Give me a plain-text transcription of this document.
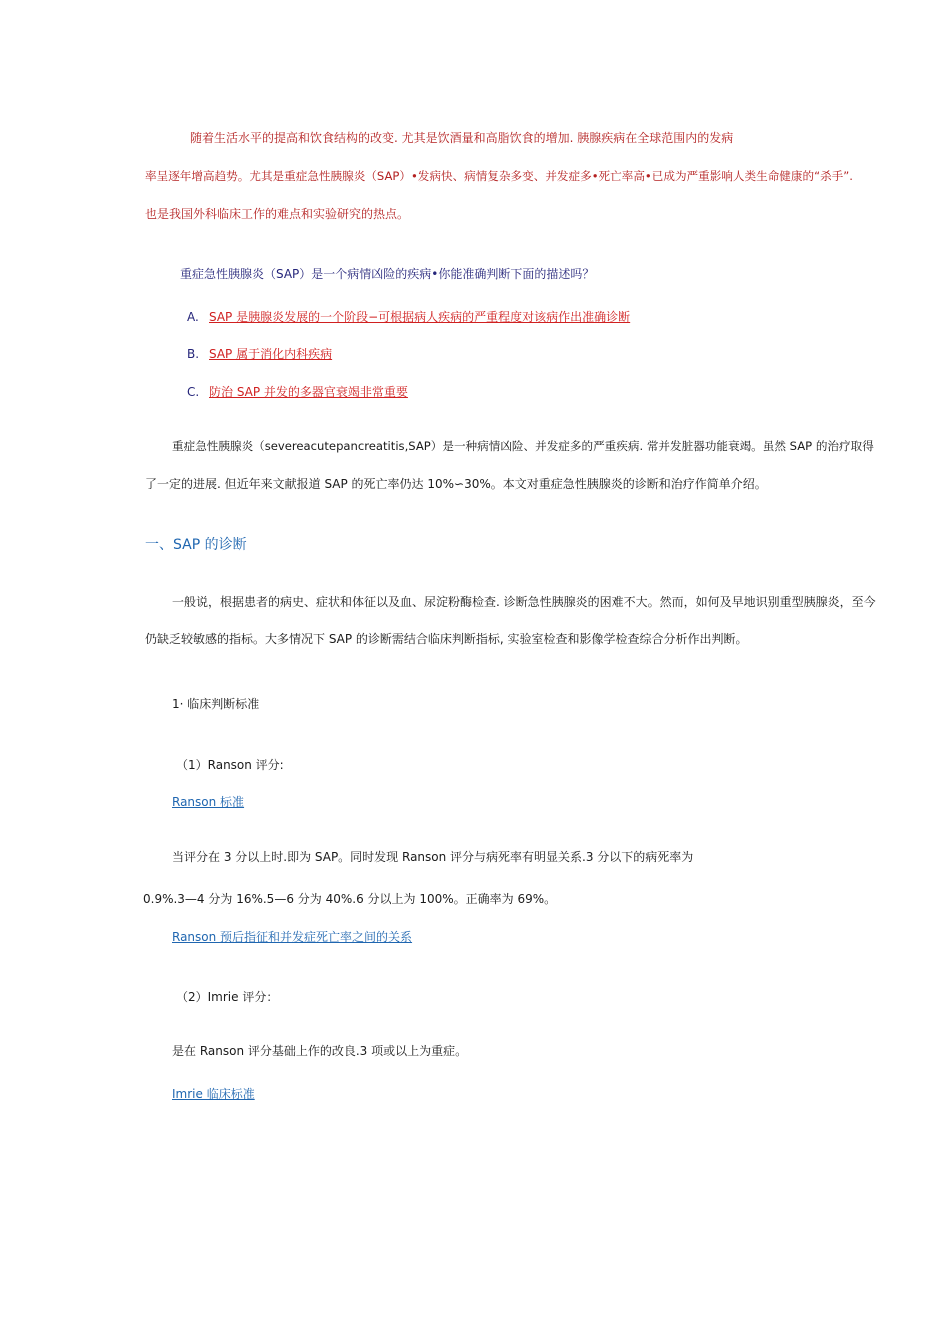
随着生活水平的提高和饮食结构的改变. 尤其是饮酒量和高脂饮食的增加. 胰腺疾病在全球范围内的发病
率呈逐年增高趋势。尤其是重症急性胰腺炎（SAP）•发病快、病情复杂多变、并发症多•死亡率高•已成为严重影响人类生命健康的“杀手”.
也是我国外科临床工作的难点和实验研究的热点。
重症急性胰腺炎（SAP）是一个病情凶险的疾病•你能准确判断下面的描述吗？
A. SAP 是胰腺炎发展的一个阶段−可根据病人疾病的严重程度对该病作出准确诊断
B. SAP 属于消化内科疾病
C. 防治 SAP 并发的多器官衰竭非常重要
重症急性胰腺炎（severeacutepancreatitis,SAP）是一种病情凶险、并发症多的严重疾病. 常并发脏器功能衰竭。虽然 SAP 的治疗取得
了一定的进展. 但近年来文献报道 SAP 的死亡率仍达 10%∽30%。本文对重症急性胰腺炎的诊断和治疗作简单介绍。
一、SAP 的诊断
一般说，根据患者的病史、症状和体征以及血、尿淀粉酶检查. 诊断急性胰腺炎的困难不大。然而，如何及早地识别重型胰腺炎，至今
仍缺乏较敏感的指标。大多情况下 SAP 的诊断需结合临床判断指标, 实验室检查和影像学检查综合分析作出判断。
1· 临床判断标准
（1）Ranson 评分:
Ranson 标准
当评分在 3 分以上时.即为 SAP。同时发现 Ranson 评分与病死率有明显关系.3 分以下的病死率为
0.9%.3—4 分为 16%.5—6 分为 40%.6 分以上为 100%。正确率为 69%。
Ranson 预后指征和并发症死亡率之间的关系
（2）Imrie 评分：
是在 Ranson 评分基础上作的改良.3 项或以上为重症。
Imrie 临床标准
